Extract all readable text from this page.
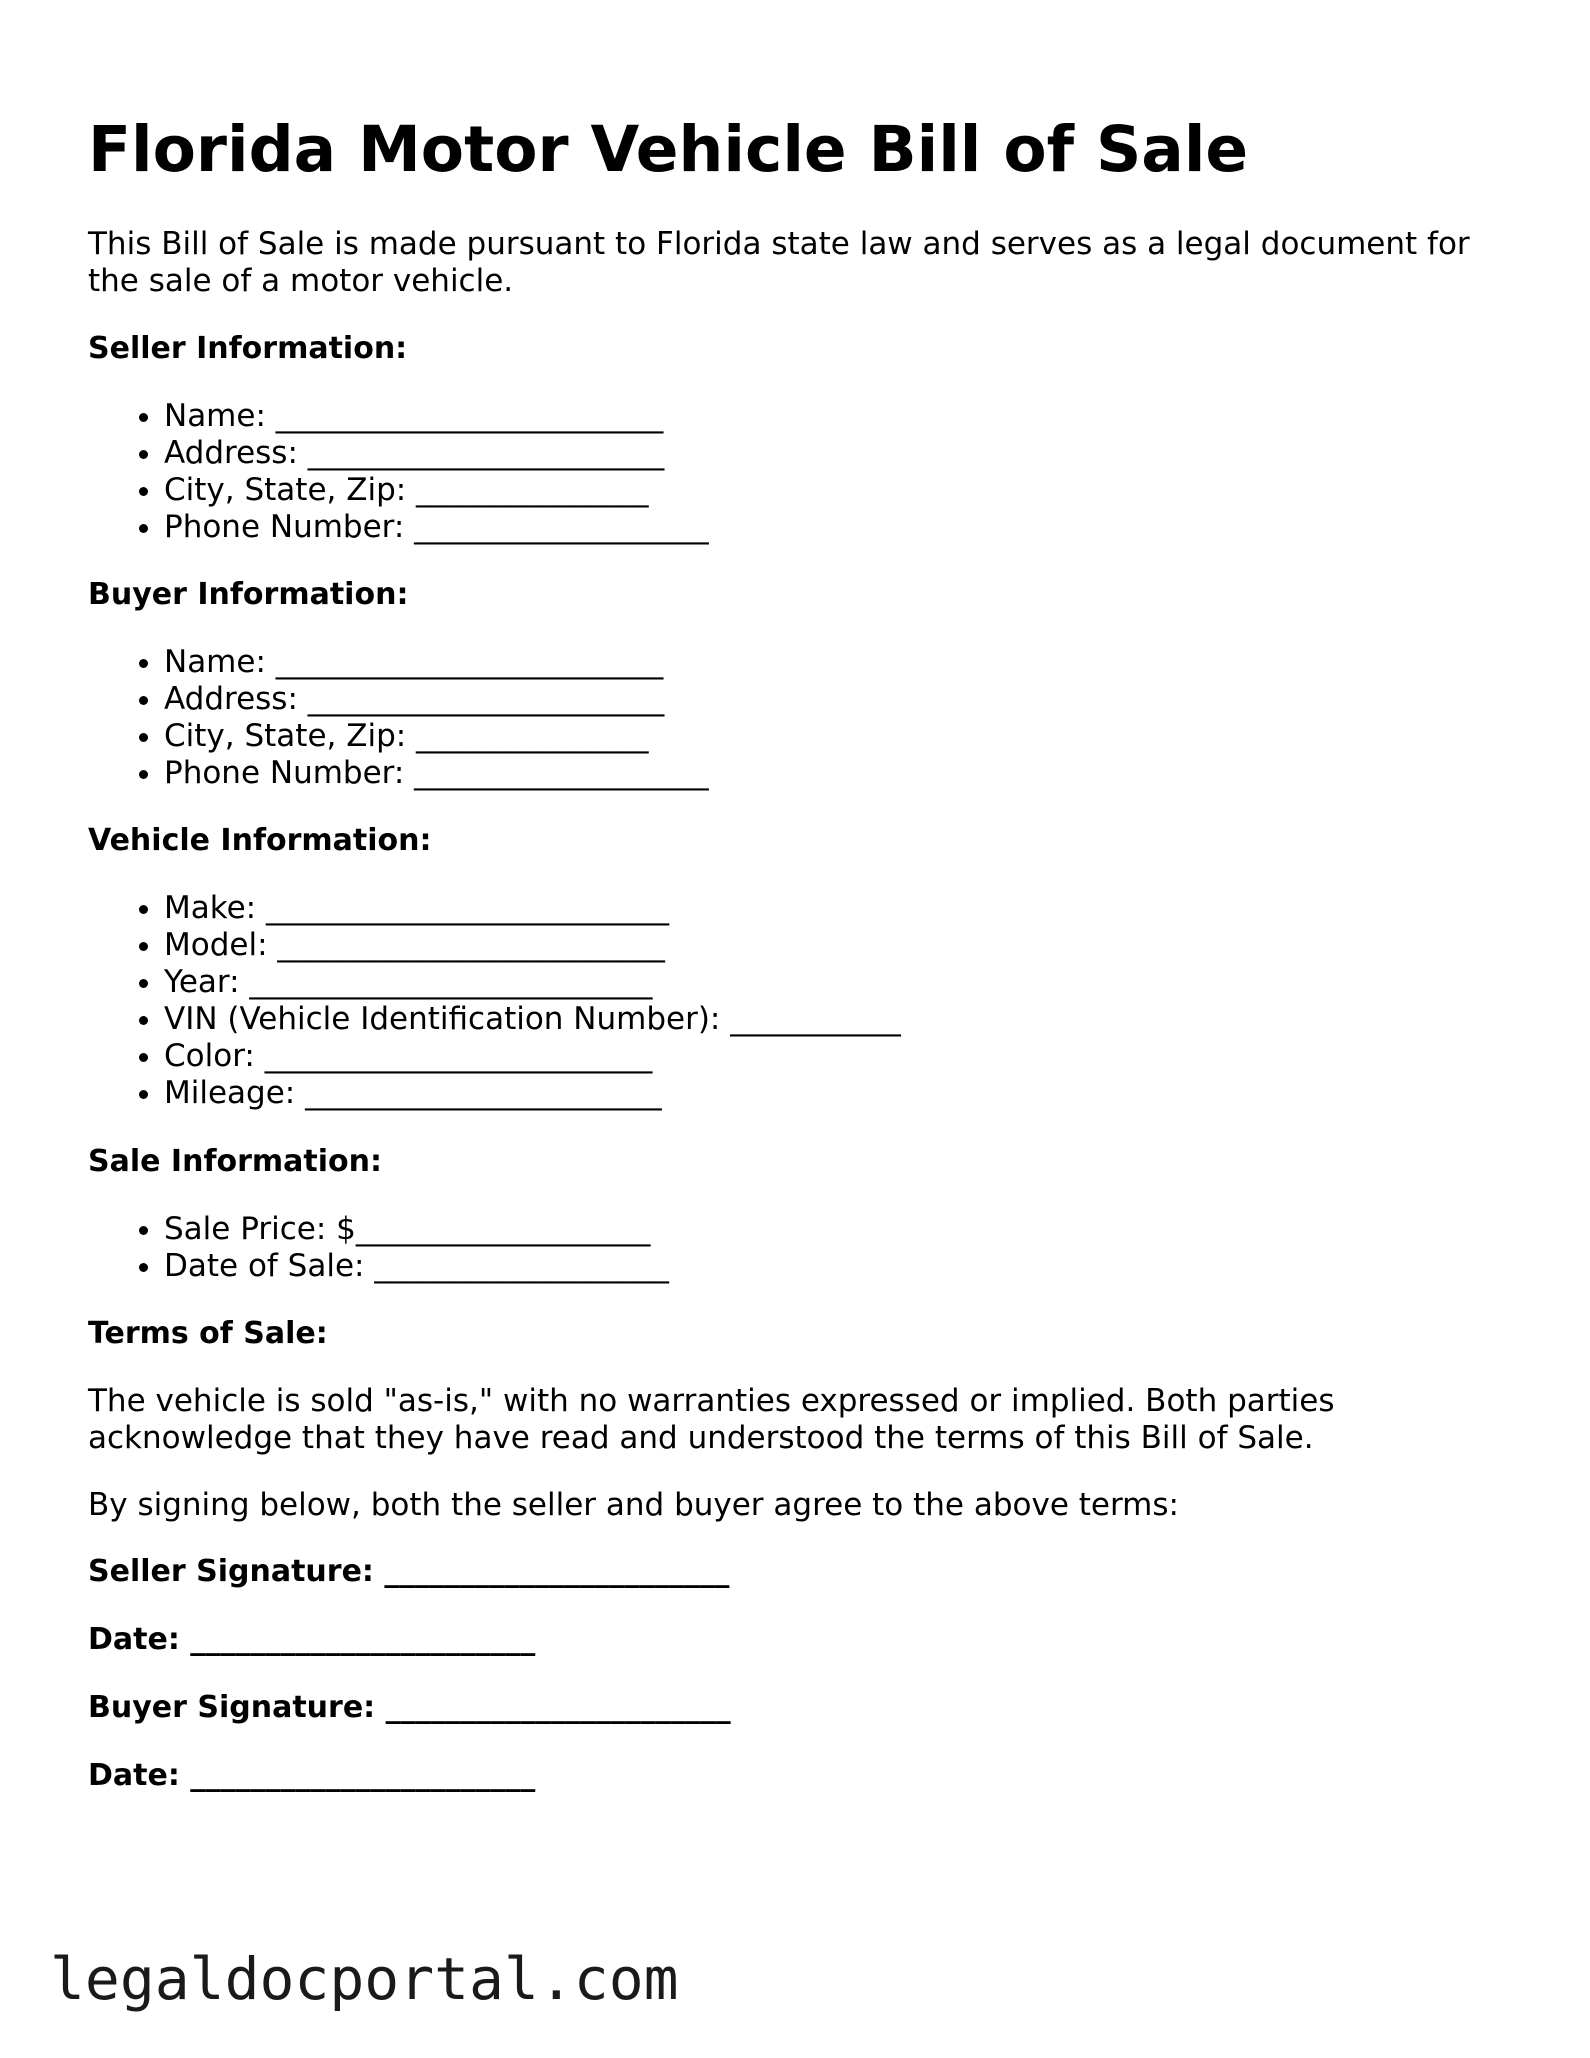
Florida Motor Vehicle Bill of Sale

This Bill of Sale is made pursuant to Florida state law and serves as a legal document for the sale of a motor vehicle.

Seller Information:

• Name: _________________________
• Address: _______________________
• City, State, Zip: _______________
• Phone Number: ___________________

Buyer Information:

• Name: _________________________
• Address: _______________________
• City, State, Zip: _______________
• Phone Number: ___________________

Vehicle Information:

• Make: __________________________
• Model: _________________________
• Year: __________________________
• VIN (Vehicle Identification Number): ___________
• Color: _________________________
• Mileage: _______________________

Sale Information:

• Sale Price: $___________________
• Date of Sale: ___________________

Terms of Sale:

The vehicle is sold "as-is," with no warranties expressed or implied. Both parties acknowledge that they have read and understood the terms of this Bill of Sale.

By signing below, both the seller and buyer agree to the above terms:

Seller Signature: _______________________

Date: _______________________

Buyer Signature: _______________________

Date: _______________________

legaldocportal.com
